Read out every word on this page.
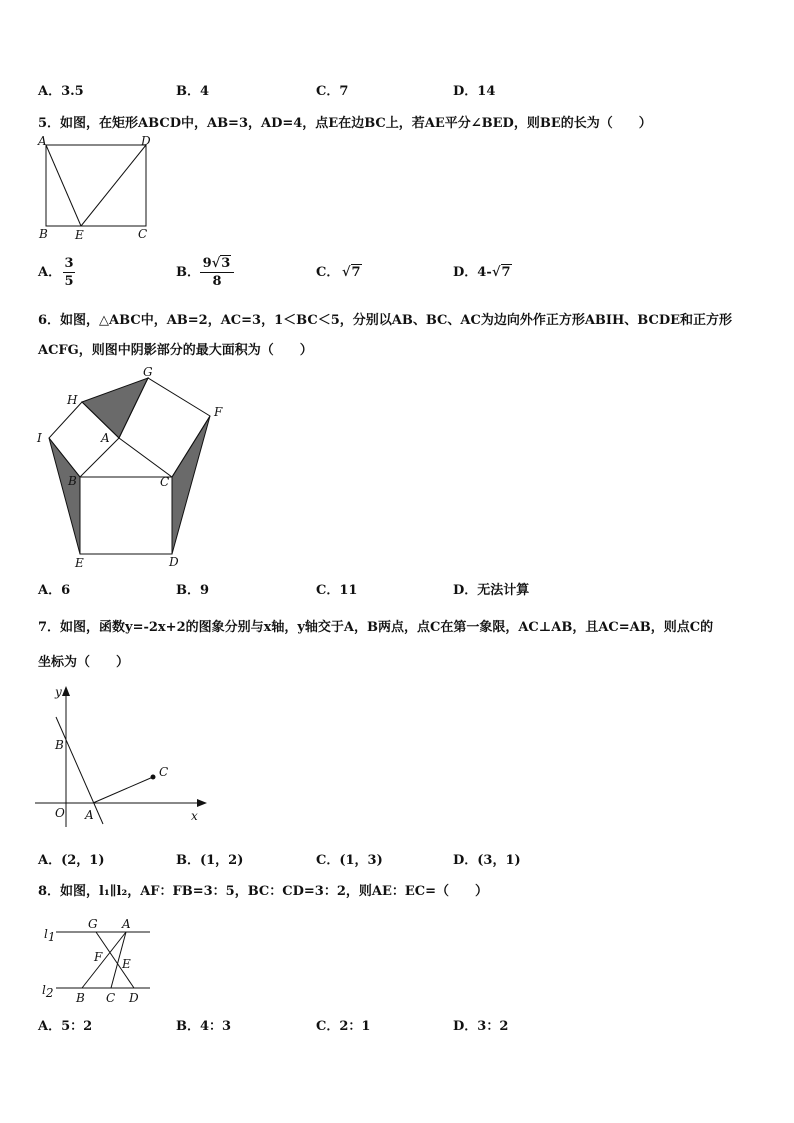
A．3.5	B．4	C．7	D．14
5．如图，在矩形ABCD中，AB=3，AD=4，点E在边BC上，若AE平分∠BED，则BE的长为（　　）
A	D
B E	C
A．
3
5
B．
9√3
8
C． √7	D．4- √7
6．如图，△ABC中，AB=2，AC=3，1＜BC＜5，分别以AB、BC、AC为边向外作正方形ABIH、BCDE和正方形
ACFG，则图中阴影部分的最大面积为（　　）
G
H
F
I	A
B	C
E	D
A．6	B．9	C．11	D．无法计算
7．如图，函数y=-2x+2的图象分别与x轴，y轴交于A，B两点，点C在第一象限，AC⊥AB，且AC=AB，则点C的
坐标为（　　）
y
B
C
O A	x
A．(2，1)	B．(1，2)	C．(1，3)	D．(3，1)
8．如图，l₁∥l₂，AF：FB=3：5，BC：CD=3：2，则AE：EC=（　　）
l1
G A
F E
l2 B C D
A．5：2	B．4：3	C．2：1	D．3：2
